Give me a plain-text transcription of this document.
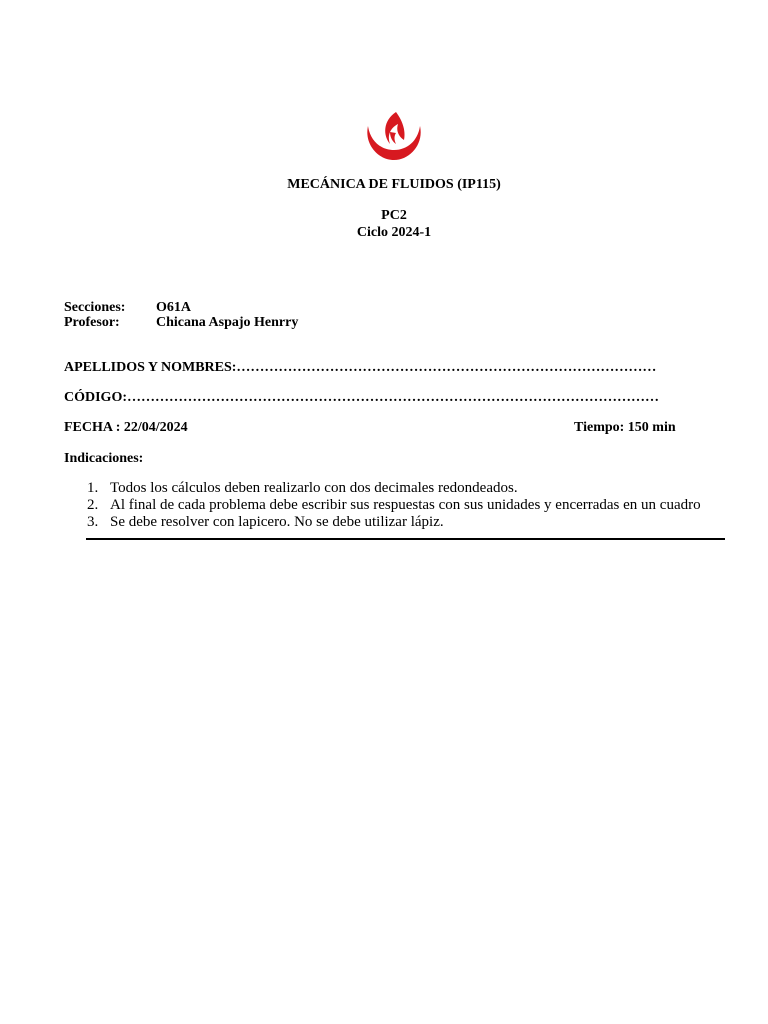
MECÁNICA DE FLUIDOS (IP115)
PC2
Ciclo 2024-1
Secciones: O61A
Profesor:	Chicana Aspajo Henrry
APELLIDOS Y NOMBRES:………………………………………………………………………………
CÓDIGO:……………………………………………………………………………………………………
FECHA : 22/04/2024	Tiempo: 150 min
Indicaciones:
1. Todos los cálculos deben realizarlo con dos decimales redondeados.
2. Al final de cada problema debe escribir sus respuestas con sus unidades y encerradas en un cuadro
3. Se debe resolver con lapicero. No se debe utilizar lápiz.
